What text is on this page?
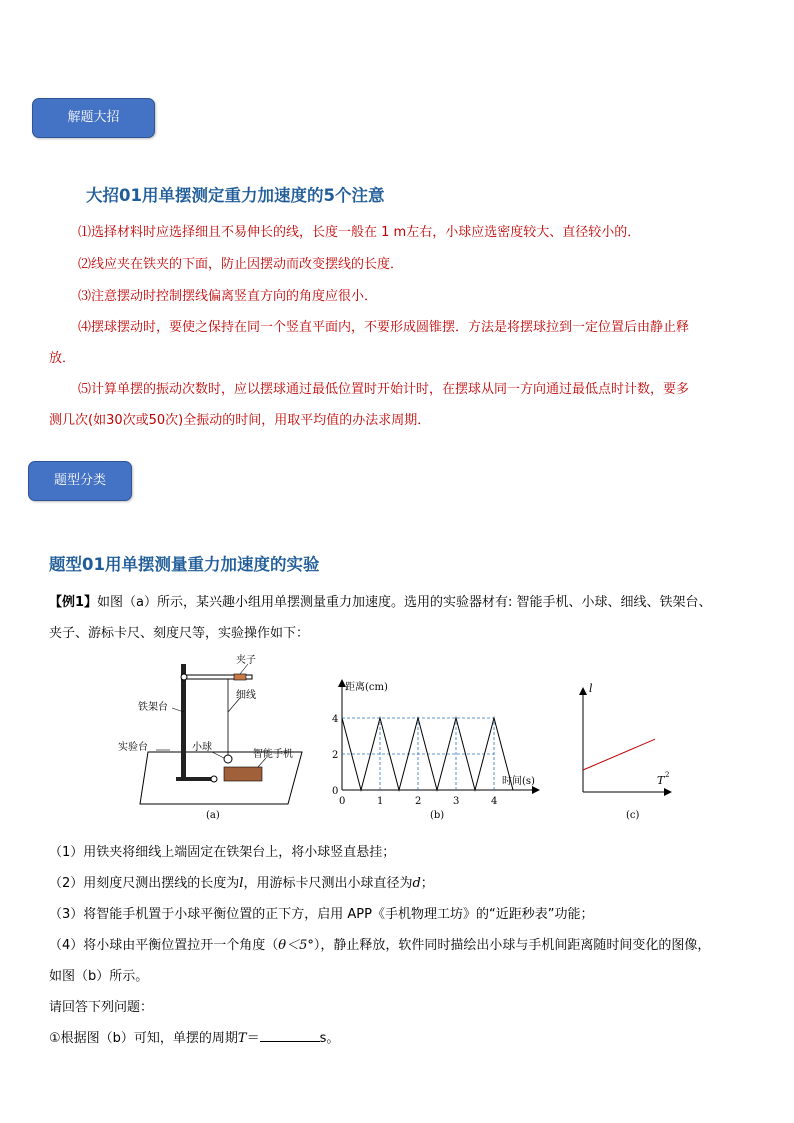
解题大招
题型分类
大招01用单摆测定重力加速度的5个注意
⑴选择材料时应选择细且不易伸长的线，长度一般在 1 m左右，小球应选密度较大、直径较小的．
⑵线应夹在铁夹的下面，防止因摆动而改变摆线的长度．
⑶注意摆动时控制摆线偏离竖直方向的角度应很小．
⑷摆球摆动时，要使之保持在同一个竖直平面内，不要形成圆锥摆．方法是将摆球拉到一定位置后由静止释
放．
⑸计算单摆的振动次数时，应以摆球通过最低位置时开始计时，在摆球从同一方向通过最低点时计数，要多
测几次(如30次或50次)全振动的时间，用取平均值的办法求周期．
题型01用单摆测量重力加速度的实验
【例1】如图（a）所示，某兴趣小组用单摆测量重力加速度。选用的实验器材有: 智能手机、小球、细线、铁架台、
夹子、游标卡尺、刻度尺等，实验操作如下：
夹子
细线
铁架台
小球
实验台
智能手机
(a)
距离(cm)
时间(s)
0	1	2	3	4
2
4
0
(b)
l
T 2
(c)
（1）用铁夹将细线上端固定在铁架台上，将小球竖直悬挂；
（2）用刻度尺测出摆线的长度为l，用游标卡尺测出小球直径为d；
（3）将智能手机置于小球平衡位置的正下方，启用 APP《手机物理工坊》的“近距秒表”功能；
（4）将小球由平衡位置拉开一个角度（θ＜5°），静止释放，软件同时描绘出小球与手机间距离随时间变化的图像，
如图（b）所示。
请回答下列问题：
①根据图（b）可知，单摆的周期T＝	s。
